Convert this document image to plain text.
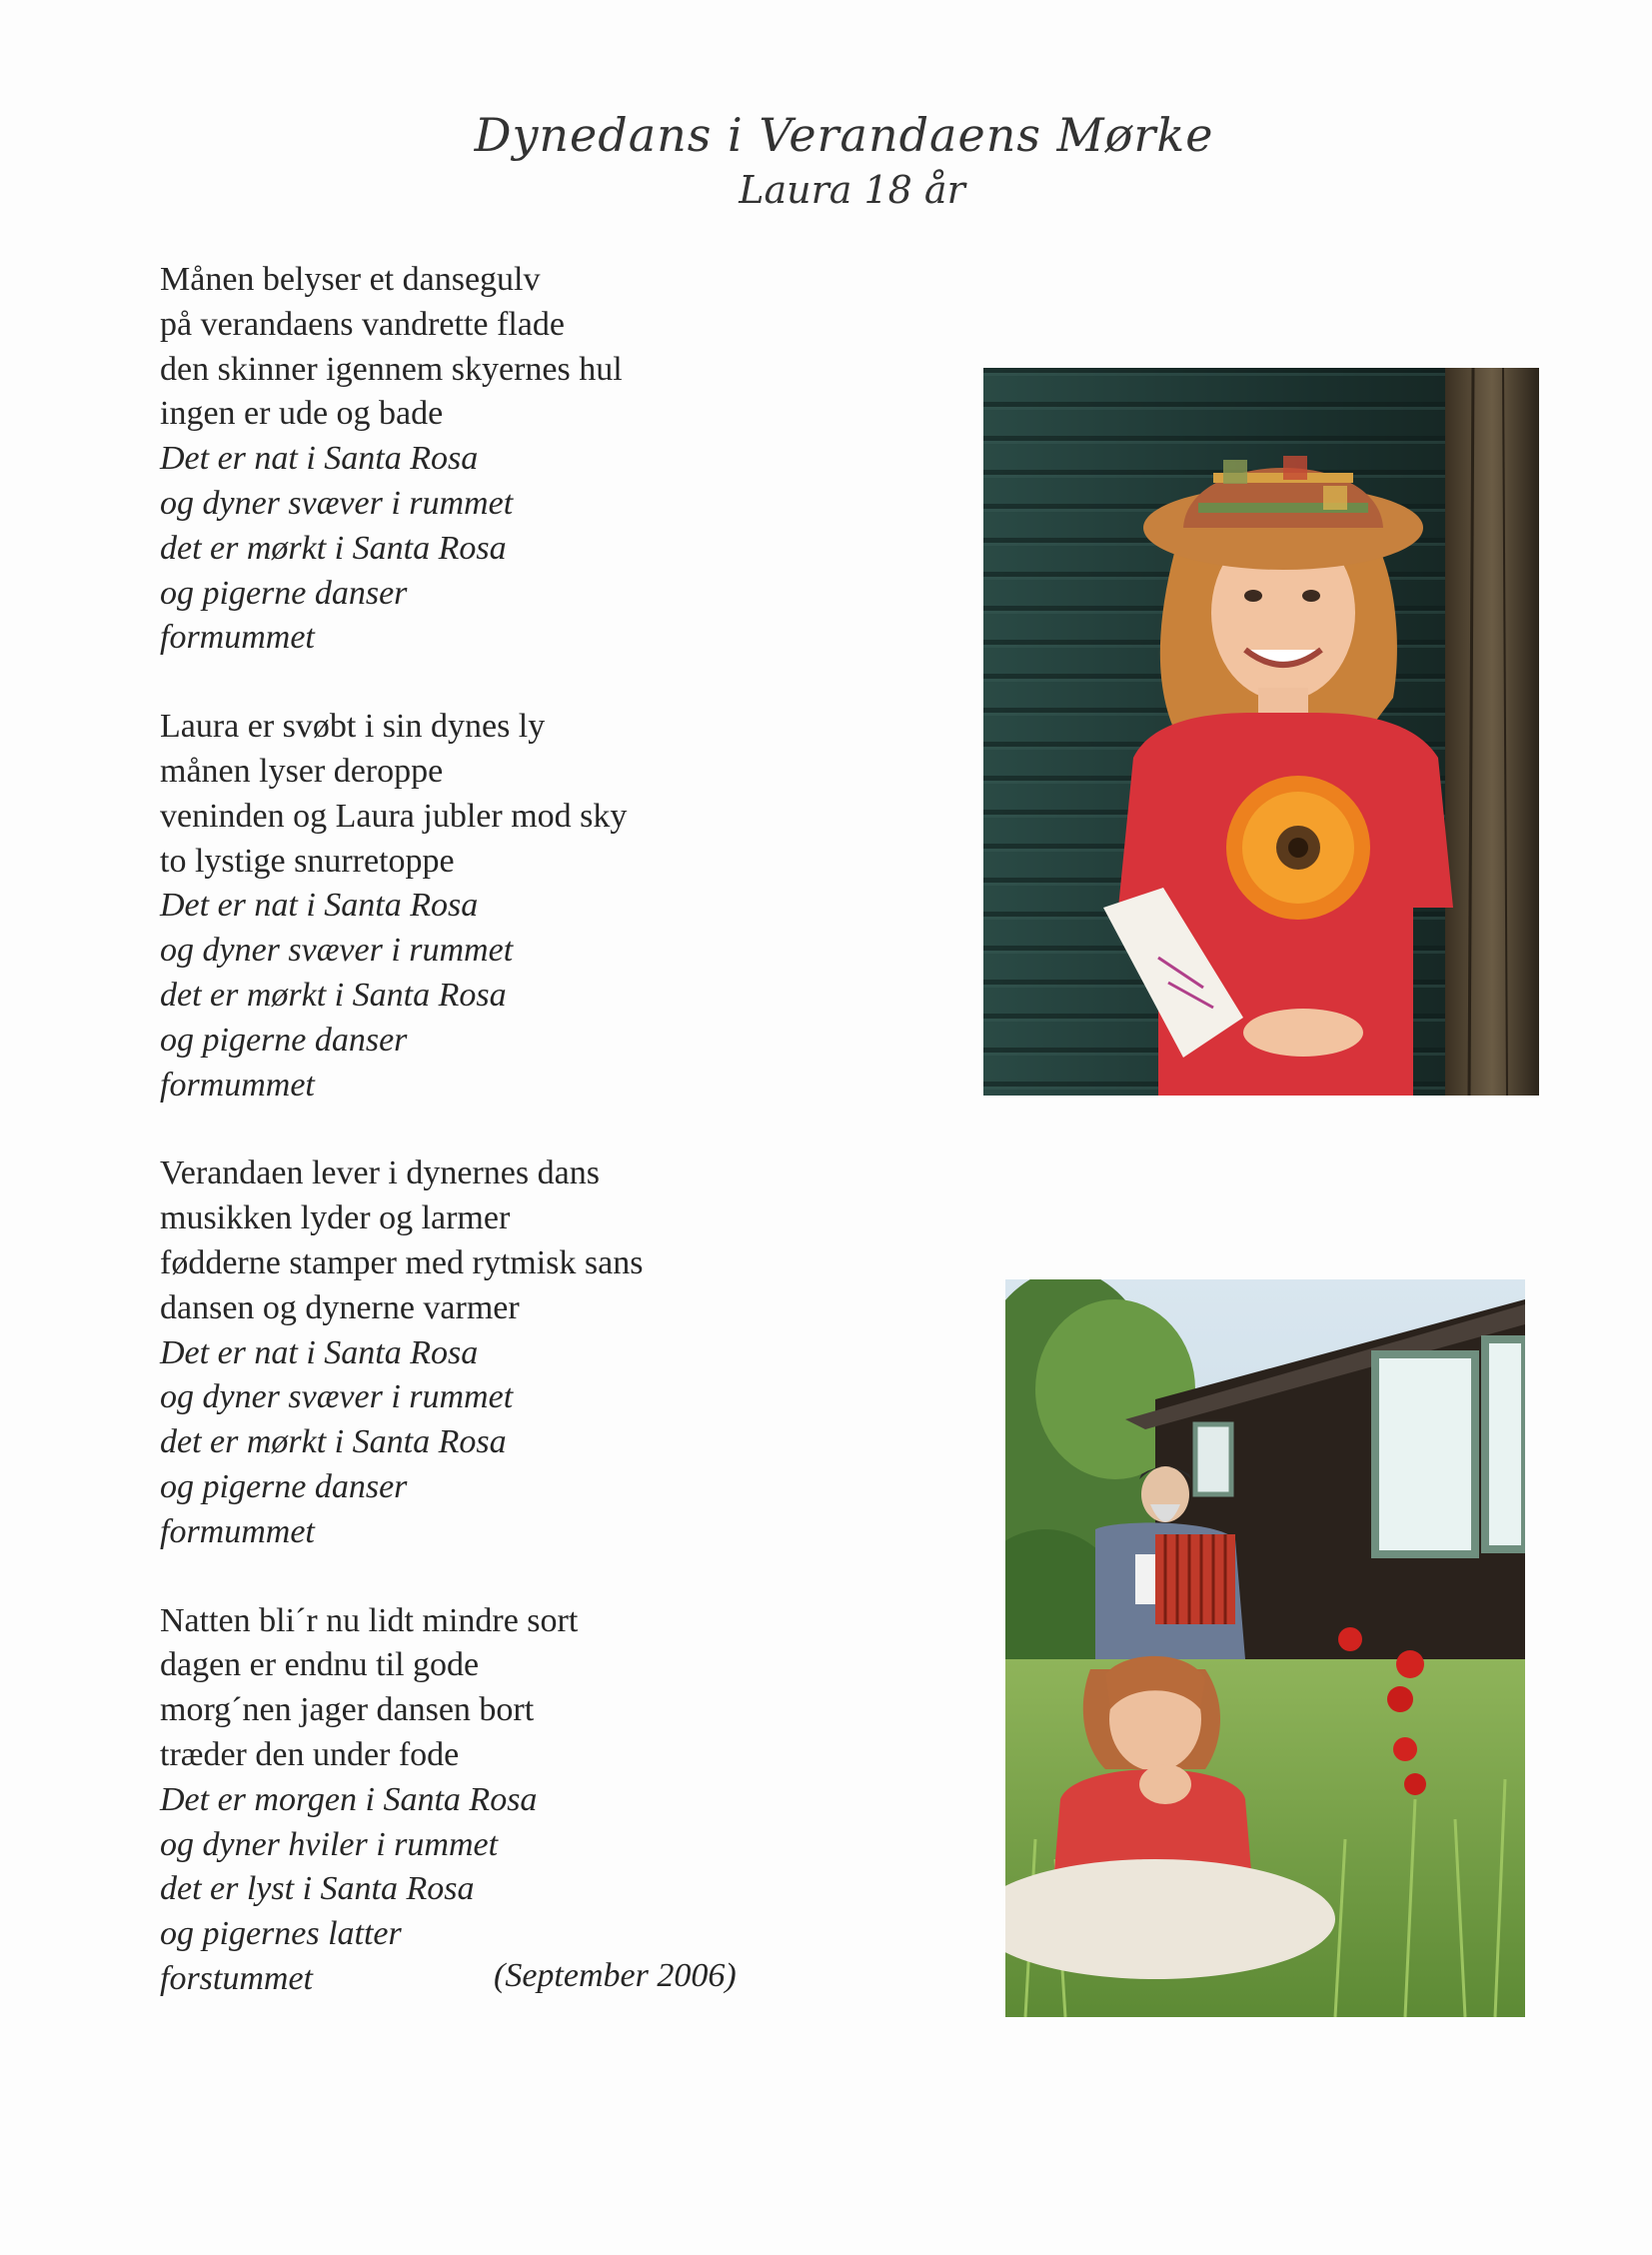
Dynedans i Verandaens Mørke
Laura 18 år
Månen belyser et dansegulv
på verandaens vandrette flade
den skinner igennem skyernes hul
ingen er ude og bade
Det er nat i Santa Rosa
og dyner svæver i rummet
det er mørkt i Santa Rosa
og pigerne danser
formummet
Laura er svøbt i sin dynes ly
månen lyser deroppe
veninden og Laura jubler mod sky
to lystige snurretoppe
Det er nat i Santa Rosa
og dyner svæver i rummet
det er mørkt i Santa Rosa
og pigerne danser
formummet
Verandaen lever i dynernes dans
musikken lyder og larmer
fødderne stamper med rytmisk sans
dansen og dynerne varmer
Det er nat i Santa Rosa
og dyner svæver i rummet
det er mørkt i Santa Rosa
og pigerne danser
formummet
Natten bli´r nu lidt mindre sort
dagen er endnu til gode
morg´nen jager dansen bort
træder den under fode
Det er morgen i Santa Rosa
og dyner hviler i rummet
det er lyst i Santa Rosa
og pigernes latter
forstummet	(September 2006)
